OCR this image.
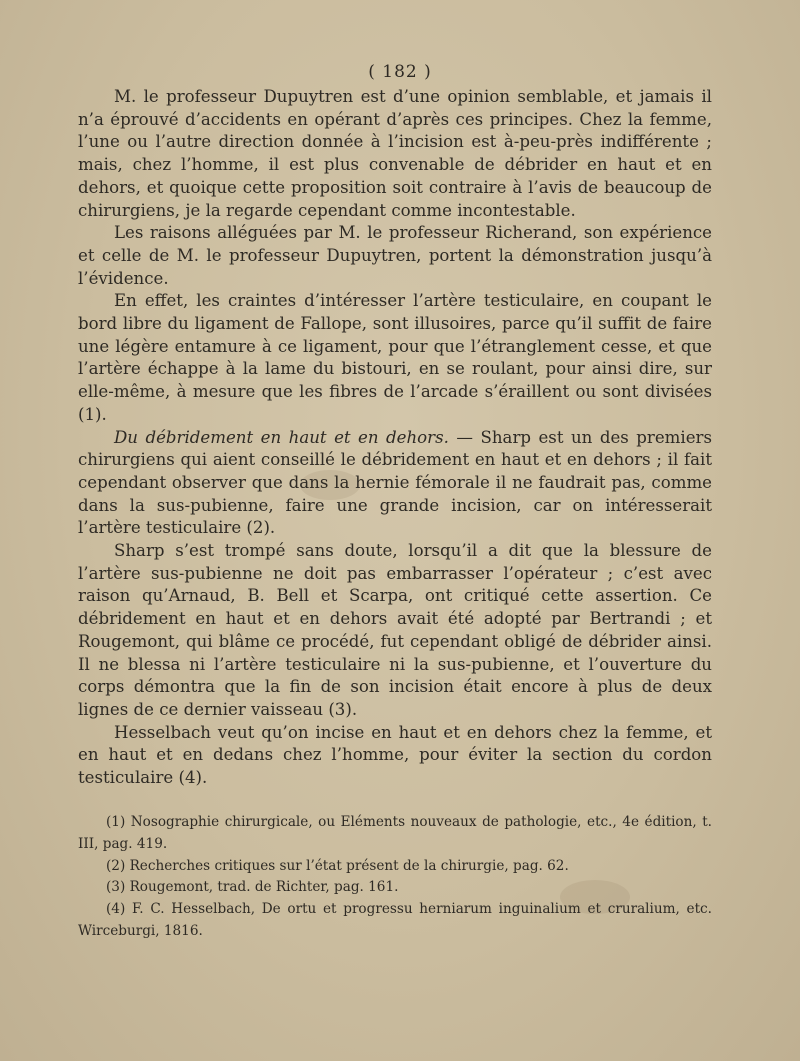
( 182 )

M. le professeur Dupuytren est d’une opinion semblable, et jamais il n’a éprouvé d’accidents en opérant d’après ces principes. Chez la femme, l’une ou l’autre direction donnée à l’incision est à-peu-près indifférente ; mais, chez l’homme, il est plus convenable de débrider en haut et en dehors, et quoique cette proposition soit contraire à l’avis de beaucoup de chirurgiens, je la regarde cependant comme incontestable.

Les raisons alléguées par M. le professeur Richerand, son expérience et celle de M. le professeur Dupuytren, portent la démonstration jusqu’à l’évidence.

En effet, les craintes d’intéresser l’artère testiculaire, en coupant le bord libre du ligament de Fallope, sont illusoires, parce qu’il suffit de faire une légère entamure à ce ligament, pour que l’étranglement cesse, et que l’artère échappe à la lame du bistouri, en se roulant, pour ainsi dire, sur elle-même, à mesure que les fibres de l’arcade s’éraillent ou sont divisées (1).

Du débridement en haut et en dehors. — Sharp est un des premiers chirurgiens qui aient conseillé le débridement en haut et en dehors ; il fait cependant observer que dans la hernie fémorale il ne faudrait pas, comme dans la sus-pubienne, faire une grande incision, car on intéresserait l’artère testiculaire (2).

Sharp s’est trompé sans doute, lorsqu’il a dit que la blessure de l’artère sus-pubienne ne doit pas embarrasser l’opérateur ; c’est avec raison qu’Arnaud, B. Bell et Scarpa, ont critiqué cette assertion. Ce débridement en haut et en dehors avait été adopté par Bertrandi ; et Rougemont, qui blâme ce procédé, fut cependant obligé de débrider ainsi. Il ne blessa ni l’artère testiculaire ni la sus-pubienne, et l’ouverture du corps démontra que la fin de son incision était encore à plus de deux lignes de ce dernier vaisseau (3).

Hesselbach veut qu’on incise en haut et en dehors chez la femme, et en haut et en dedans chez l’homme, pour éviter la section du cordon testiculaire (4).

(1) Nosographie chirurgicale, ou Eléments nouveaux de pathologie, etc., 4e édition, t. III, pag. 419.

(2) Recherches critiques sur l’état présent de la chirurgie, pag. 62.

(3) Rougemont, trad. de Richter, pag. 161.

(4) F. C. Hesselbach, De ortu et progressu herniarum inguinalium et cruralium, etc. Wirceburgi, 1816.
